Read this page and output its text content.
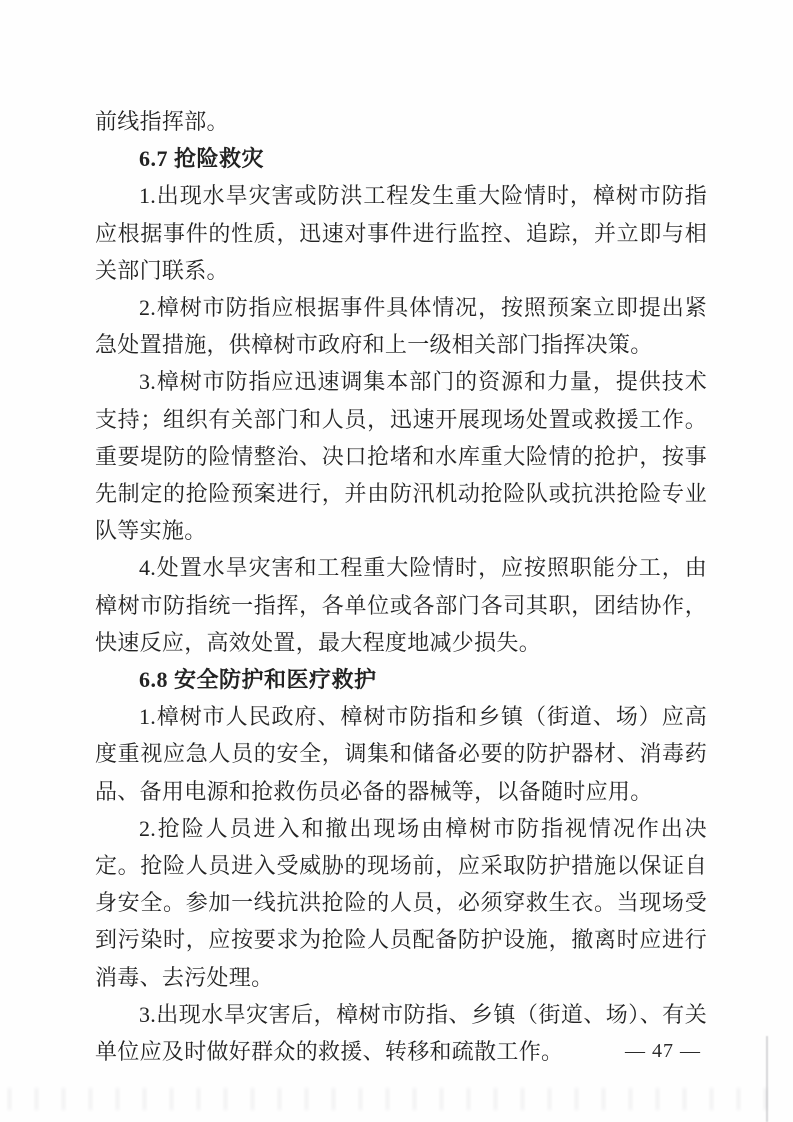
前线指挥部。

6.7 抢险救灾

1.出现水旱灾害或防洪工程发生重大险情时，樟树市防指应根据事件的性质，迅速对事件进行监控、追踪，并立即与相关部门联系。

2.樟树市防指应根据事件具体情况，按照预案立即提出紧急处置措施，供樟树市政府和上一级相关部门指挥决策。

3.樟树市防指应迅速调集本部门的资源和力量，提供技术支持；组织有关部门和人员，迅速开展现场处置或救援工作。重要堤防的险情整治、决口抢堵和水库重大险情的抢护，按事先制定的抢险预案进行，并由防汛机动抢险队或抗洪抢险专业队等实施。

4.处置水旱灾害和工程重大险情时，应按照职能分工，由樟树市防指统一指挥，各单位或各部门各司其职，团结协作，快速反应，高效处置，最大程度地减少损失。

6.8 安全防护和医疗救护

1.樟树市人民政府、樟树市防指和乡镇（街道、场）应高度重视应急人员的安全，调集和储备必要的防护器材、消毒药品、备用电源和抢救伤员必备的器械等，以备随时应用。

2.抢险人员进入和撤出现场由樟树市防指视情况作出决定。抢险人员进入受威胁的现场前，应采取防护措施以保证自身安全。参加一线抗洪抢险的人员，必须穿救生衣。当现场受到污染时，应按要求为抢险人员配备防护设施，撤离时应进行消毒、去污处理。

3.出现水旱灾害后，樟树市防指、乡镇（街道、场）、有关单位应及时做好群众的救援、转移和疏散工作。	— 47 —
